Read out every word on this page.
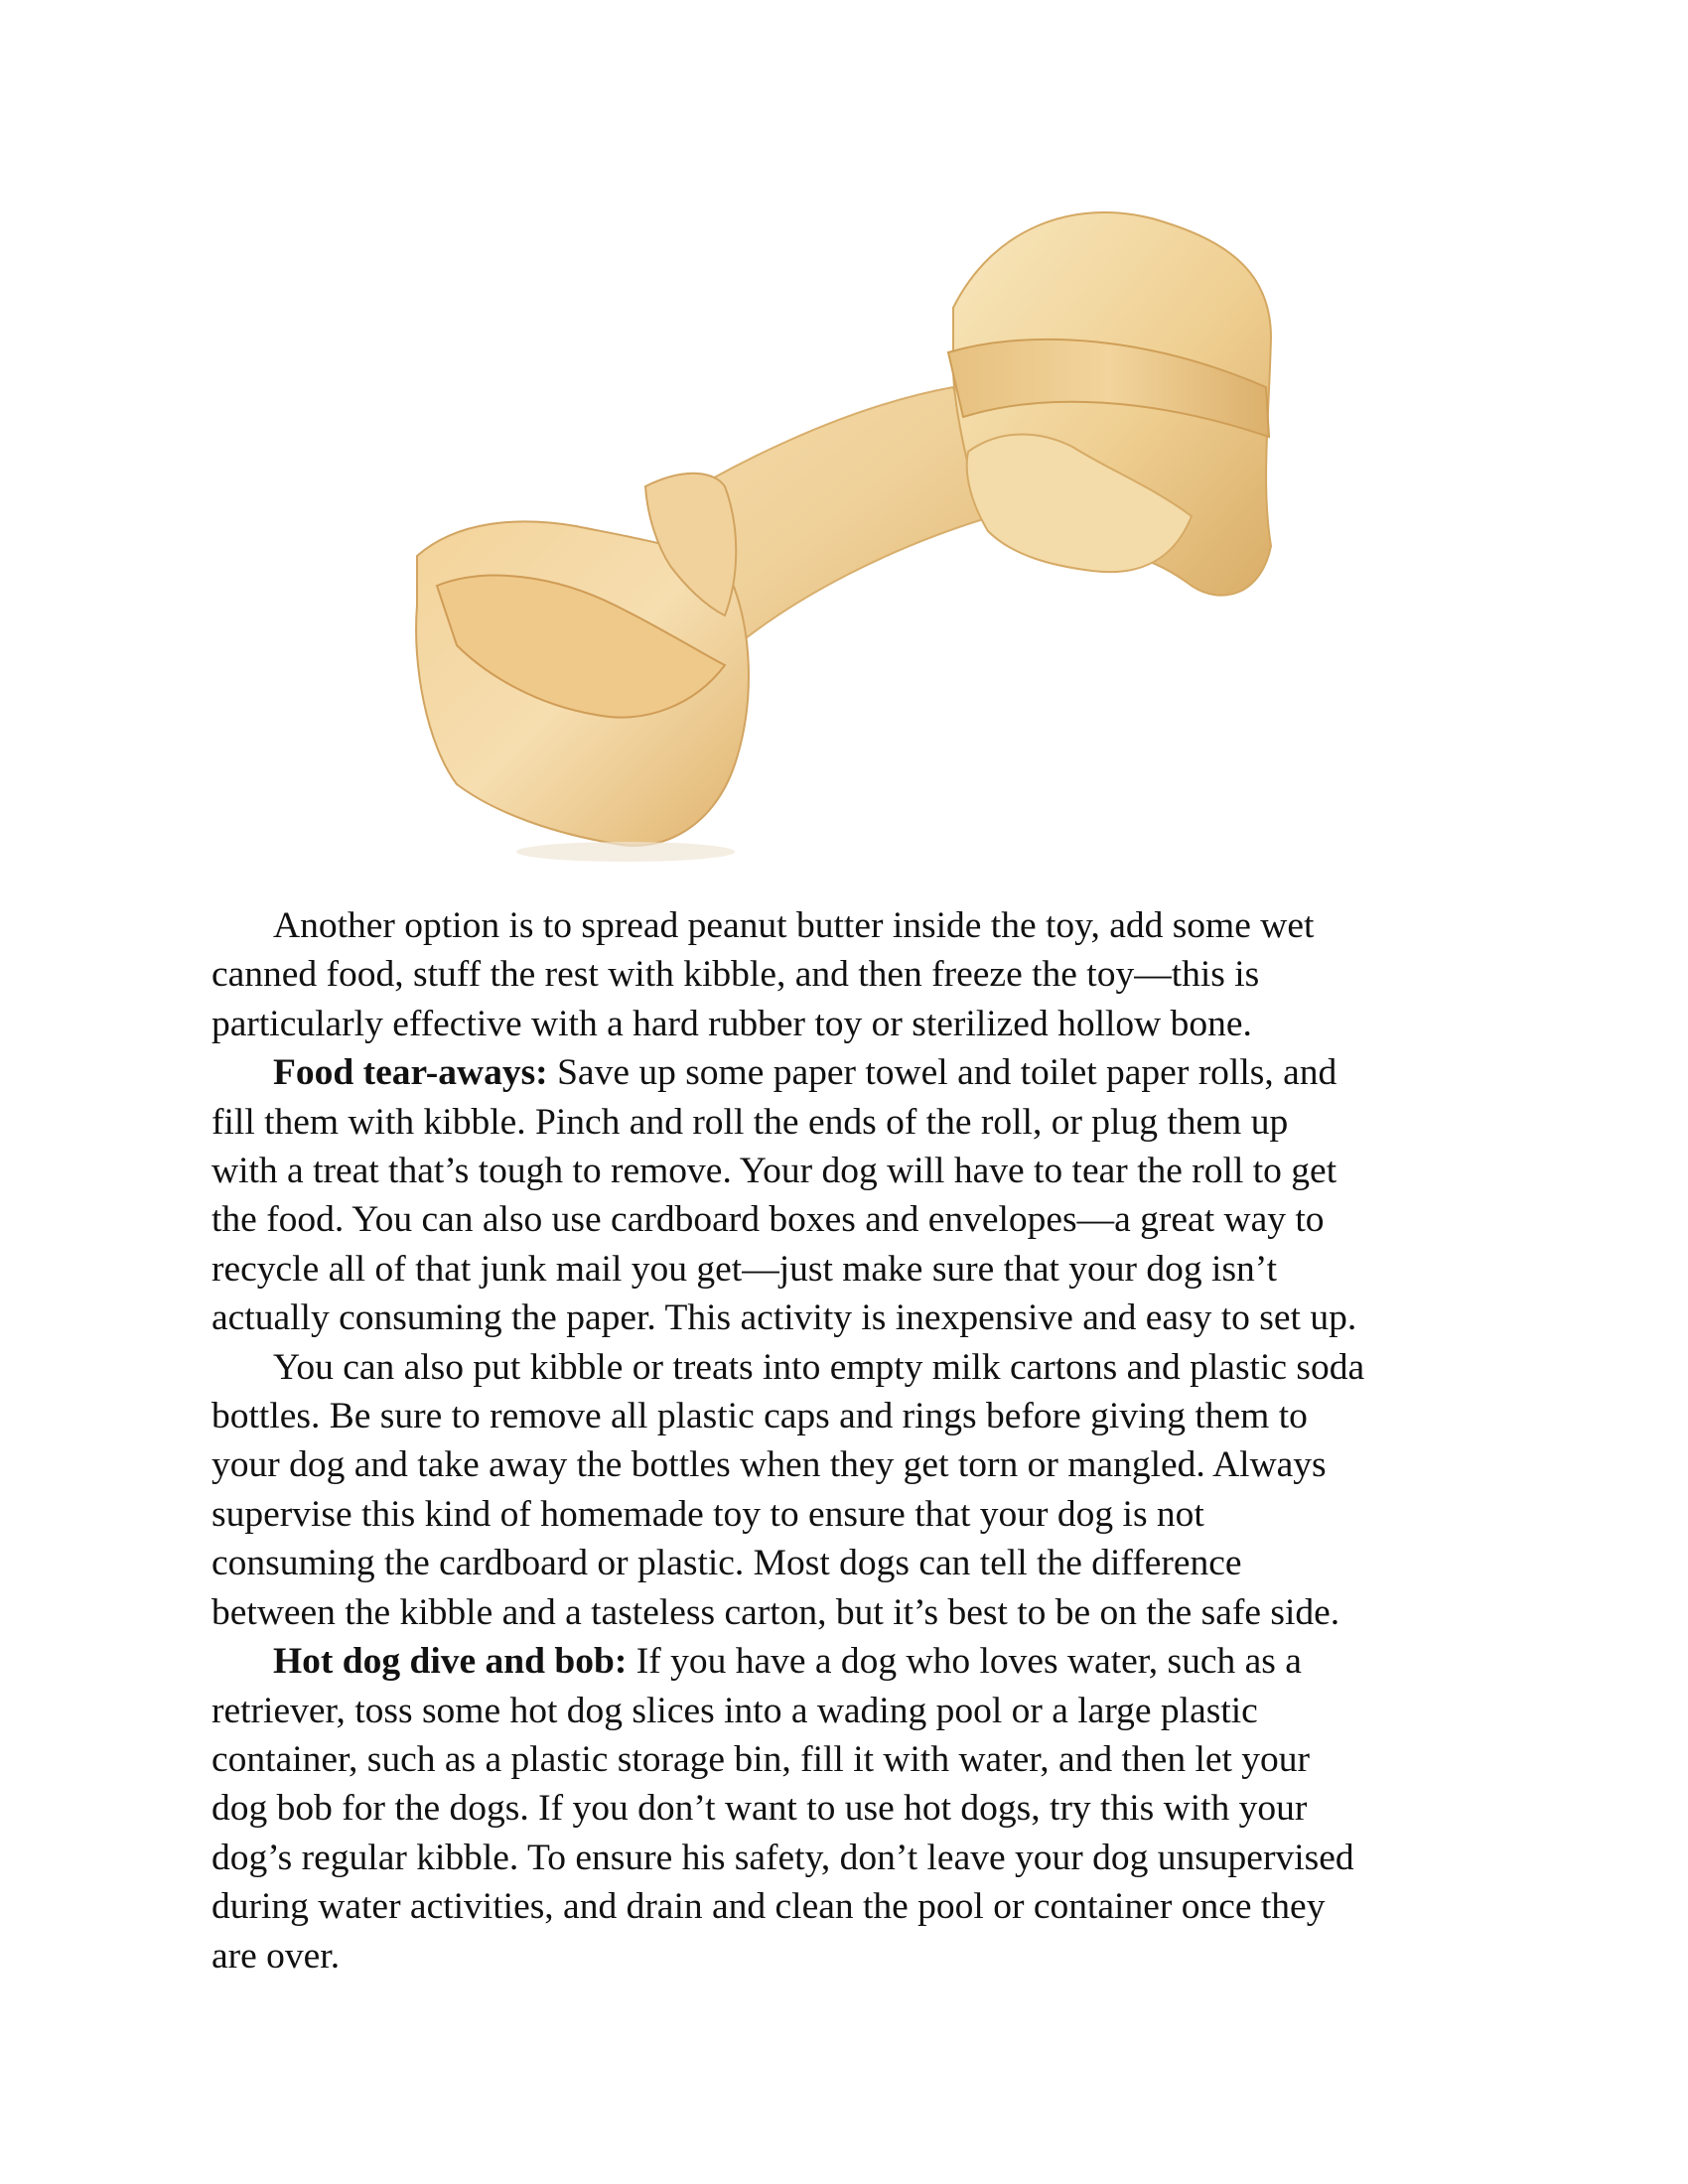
Another option is to spread peanut butter inside the toy, add some wet
canned food, stuff the rest with kibble, and then freeze the toy—this is
particularly effective with a hard rubber toy or sterilized hollow bone.

Food tear-aways: Save up some paper towel and toilet paper rolls, and
fill them with kibble. Pinch and roll the ends of the roll, or plug them up
with a treat that’s tough to remove. Your dog will have to tear the roll to get
the food. You can also use cardboard boxes and envelopes—a great way to
recycle all of that junk mail you get—just make sure that your dog isn’t
actually consuming the paper. This activity is inexpensive and easy to set up.

You can also put kibble or treats into empty milk cartons and plastic soda
bottles. Be sure to remove all plastic caps and rings before giving them to
your dog and take away the bottles when they get torn or mangled. Always
supervise this kind of homemade toy to ensure that your dog is not
consuming the cardboard or plastic. Most dogs can tell the difference
between the kibble and a tasteless carton, but it’s best to be on the safe side.

Hot dog dive and bob: If you have a dog who loves water, such as a
retriever, toss some hot dog slices into a wading pool or a large plastic
container, such as a plastic storage bin, fill it with water, and then let your
dog bob for the dogs. If you don’t want to use hot dogs, try this with your
dog’s regular kibble. To ensure his safety, don’t leave your dog unsupervised
during water activities, and drain and clean the pool or container once they
are over.
